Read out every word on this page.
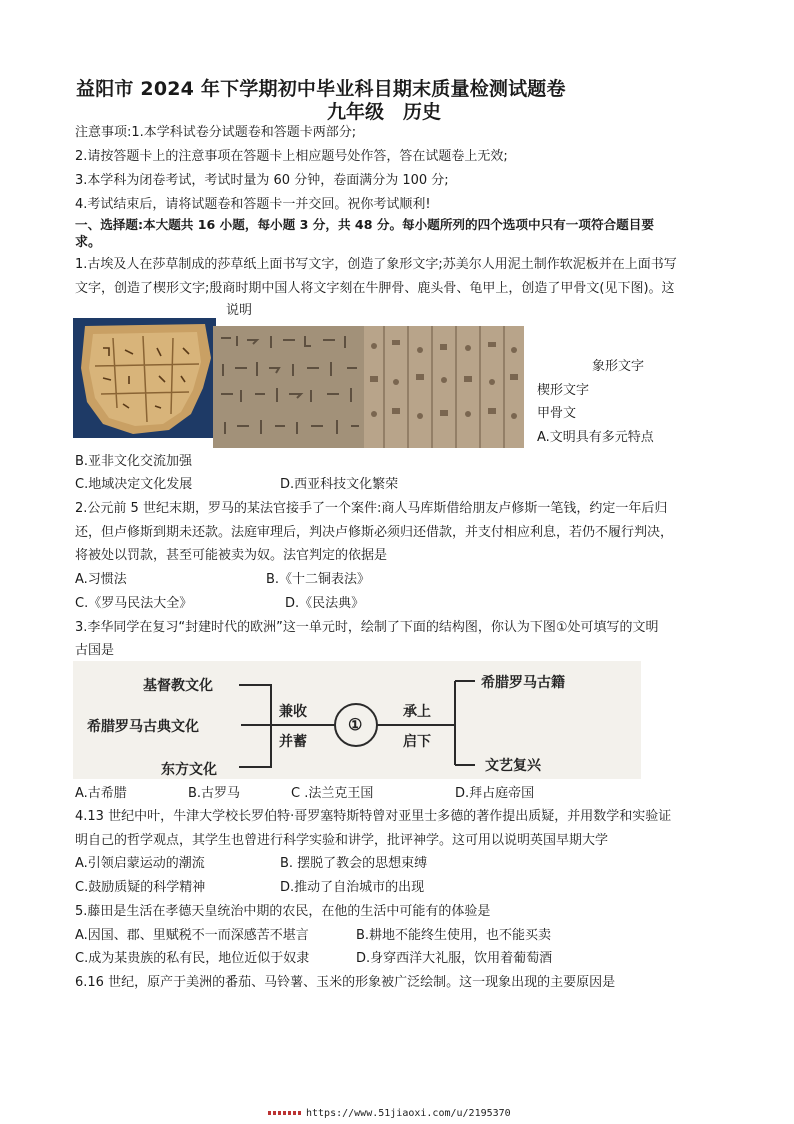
益阳市 2024 年下学期初中毕业科目期末质量检测试题卷
九年级　历史
注意事项:1.本学科试卷分试题卷和答题卡两部分;
2.请按答题卡上的注意事项在答题卡上相应题号处作答，答在试题卷上无效;
3.本学科为闭卷考试，考试时量为 60 分钟，卷面满分为 100 分;
4.考试结束后，请将试题卷和答题卡一并交回。祝你考试顺利!
一、选择题:本大题共 16 小题，每小题 3 分，共 48 分。每小题所列的四个选项中只有一项符合题目要
求。
1.古埃及人在莎草制成的莎草纸上面书写文字，创造了象形文字;苏美尔人用泥土制作软泥板并在上面书写
文字，创造了楔形文字;殷商时期中国人将文字刻在牛胛骨、鹿头骨、龟甲上，创造了甲骨文(见下图)。这
说明
象形文字
楔形文字
甲骨文
A.文明具有多元特点
B.亚非文化交流加强
C.地域决定文化发展	D.西亚科技文化繁荣
2.公元前 5 世纪末期，罗马的某法官接手了一个案件:商人马库斯借给朋友卢修斯一笔钱，约定一年后归
还，但卢修斯到期未还款。法庭审理后，判决卢修斯必须归还借款，并支付相应利息，若仍不履行判决，
将被处以罚款，甚至可能被卖为奴。法官判定的依据是
A.习惯法	B.《十二铜表法》
C.《罗马民法大全》	D.《民法典》
3.李华同学在复习“封建时代的欧洲”这一单元时，绘制了下面的结构图，你认为下图①处可填写的文明
古国是
基督教文化
希腊罗马古典文化
东方文化
兼收
并蓄
①
承上
启下
希腊罗马古籍
文艺复兴
A.古希腊	B.古罗马	C .法兰克王国	D.拜占庭帝国
4.13 世纪中叶，牛津大学校长罗伯特·哥罗塞特斯特曾对亚里士多德的著作提出质疑，并用数学和实验证
明自己的哲学观点，其学生也曾进行科学实验和讲学，批评神学。这可用以说明英国早期大学
A.引领启蒙运动的潮流	B. 摆脱了教会的思想束缚
C.鼓励质疑的科学精神	D.推动了自治城市的出现
5.藤田是生活在孝德天皇统治中期的农民，在他的生活中可能有的体验是
A.因国、郡、里赋税不一而深感苦不堪言	B.耕地不能终生使用，也不能买卖
C.成为某贵族的私有民，地位近似于奴隶	D.身穿西洋大礼服，饮用着葡萄酒
6.16 世纪，原产于美洲的番茄、马铃薯、玉米的形象被广泛绘制。这一现象出现的主要原因是
https://www.51jiaoxi.com/u/2195370
